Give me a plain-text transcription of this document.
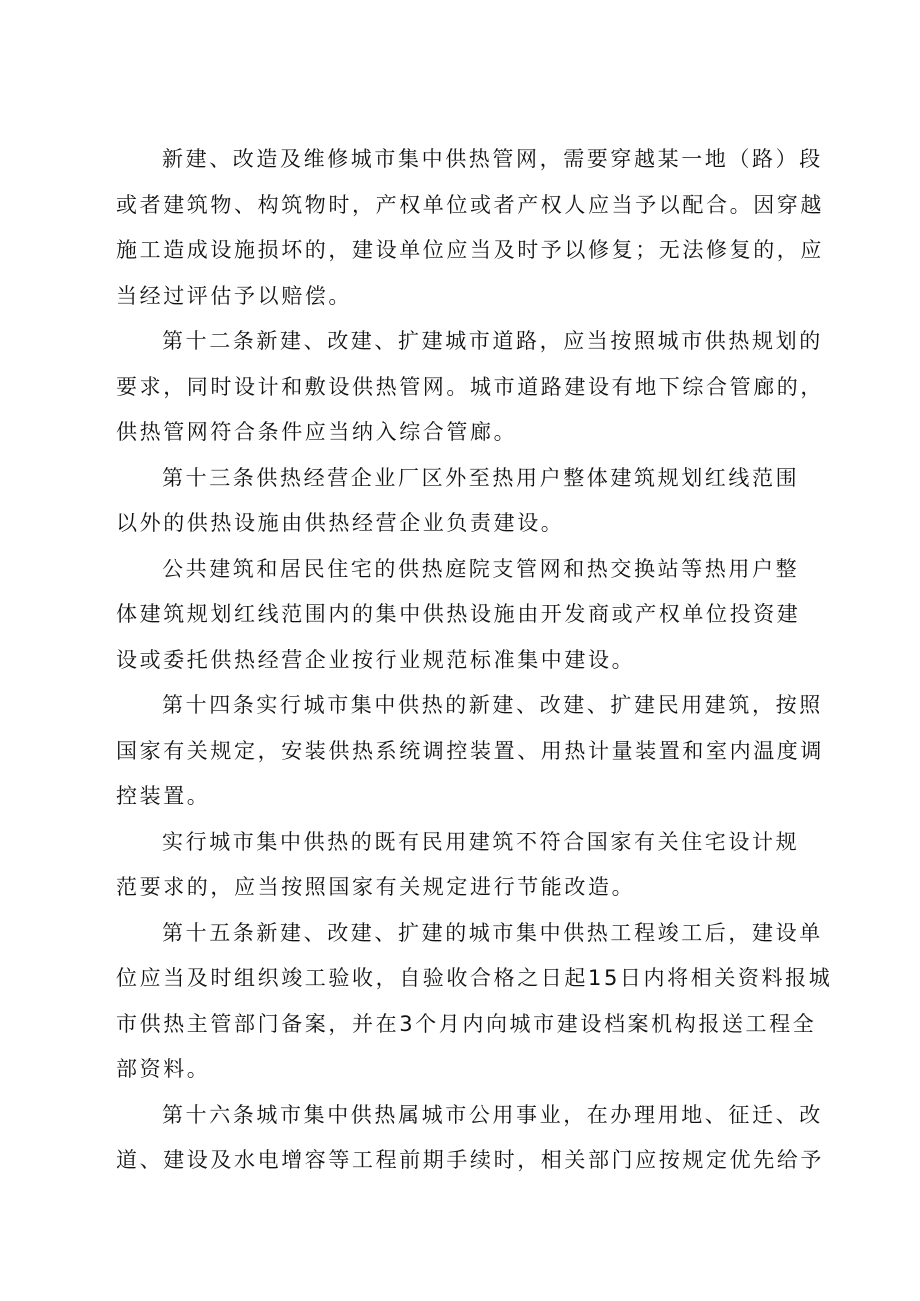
新建、改造及维修城市集中供热管网，需要穿越某一地（路）段
或者建筑物、构筑物时，产权单位或者产权人应当予以配合。因穿越
施工造成设施损坏的，建设单位应当及时予以修复；无法修复的，应
当经过评估予以赔偿。

第十二条新建、改建、扩建城市道路，应当按照城市供热规划的
要求，同时设计和敷设供热管网。城市道路建设有地下综合管廊的，
供热管网符合条件应当纳入综合管廊。

第十三条供热经营企业厂区外至热用户整体建筑规划红线范围
以外的供热设施由供热经营企业负责建设。

公共建筑和居民住宅的供热庭院支管网和热交换站等热用户整
体建筑规划红线范围内的集中供热设施由开发商或产权单位投资建
设或委托供热经营企业按行业规范标准集中建设。

第十四条实行城市集中供热的新建、改建、扩建民用建筑，按照
国家有关规定，安装供热系统调控装置、用热计量装置和室内温度调
控装置。

实行城市集中供热的既有民用建筑不符合国家有关住宅设计规
范要求的，应当按照国家有关规定进行节能改造。

第十五条新建、改建、扩建的城市集中供热工程竣工后，建设单
位应当及时组织竣工验收，自验收合格之日起15日内将相关资料报城
市供热主管部门备案，并在3个月内向城市建设档案机构报送工程全
部资料。

第十六条城市集中供热属城市公用事业，在办理用地、征迁、改
道、建设及水电增容等工程前期手续时，相关部门应按规定优先给予
